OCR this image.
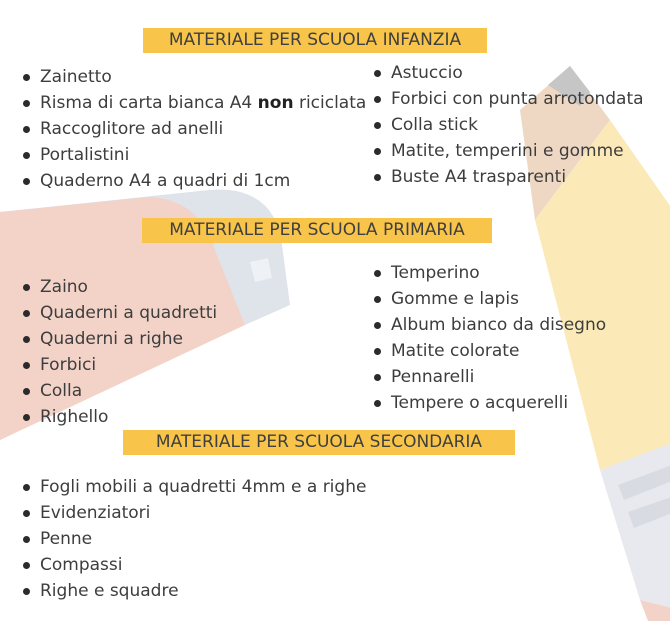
MATERIALE PER SCUOLA INFANZIA
Zainetto
Risma di carta bianca A4 non riciclata
Raccoglitore ad anelli
Portalistini
Quaderno A4 a quadri di 1cm
Astuccio
Forbici con punta arrotondata
Colla stick
Matite, temperini e gomme
Buste A4 trasparenti
MATERIALE PER SCUOLA PRIMARIA
Zaino
Quaderni a quadretti
Quaderni a righe
Forbici
Colla
Righello
Temperino
Gomme e lapis
Album bianco da disegno
Matite colorate
Pennarelli
Tempere o acquerelli
MATERIALE PER SCUOLA SECONDARIA
Fogli mobili a quadretti 4mm e a righe
Evidenziatori
Penne
Compassi
Righe e squadre
